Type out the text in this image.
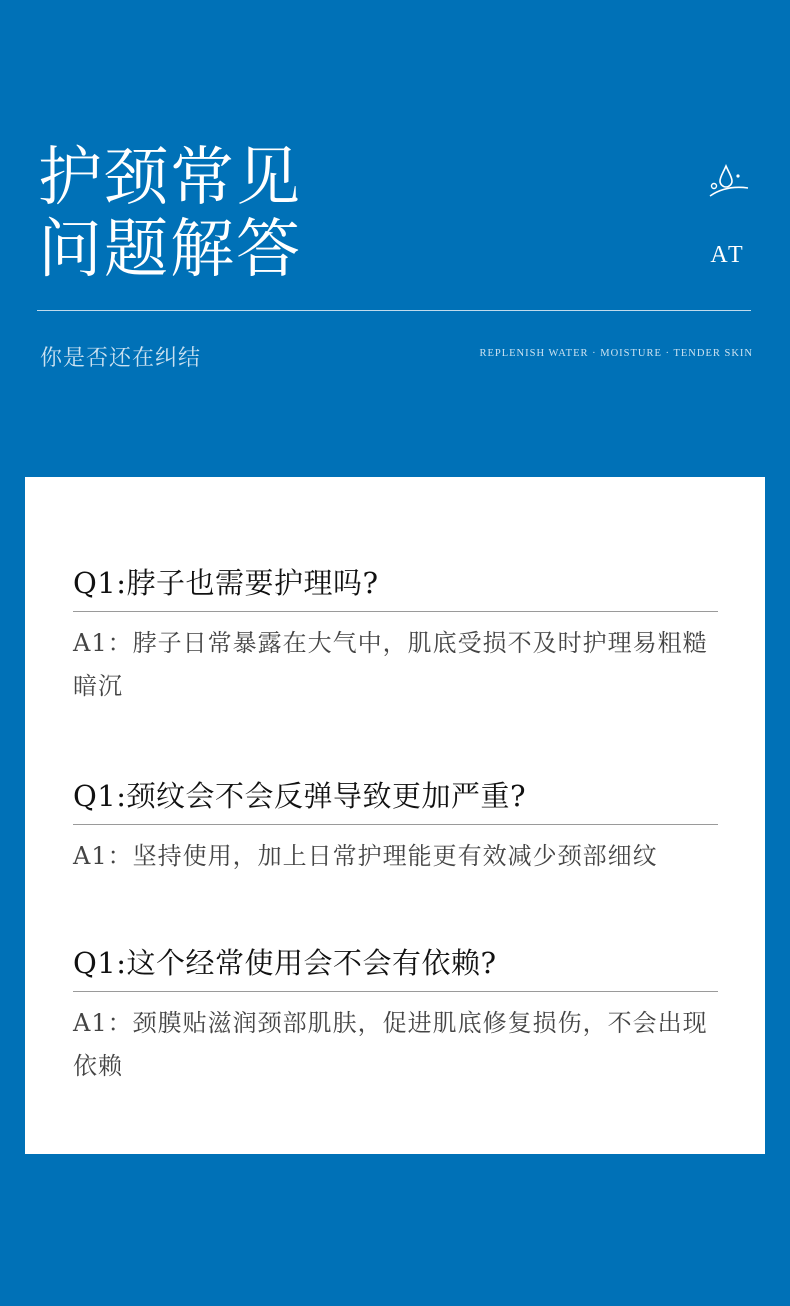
护颈常见
问题解答	AT
你是否还在纠结	REPLENISH WATER · MOISTURE · TENDER SKIN
Q1:脖子也需要护理吗?

A1：脖子日常暴露在大气中，肌底受损不及时护理易粗糙暗沉

Q1:颈纹会不会反弹导致更加严重?

A1：坚持使用，加上日常护理能更有效减少颈部细纹

Q1:这个经常使用会不会有依赖?

A1：颈膜贴滋润颈部肌肤，促进肌底修复损伤，不会出现依赖
